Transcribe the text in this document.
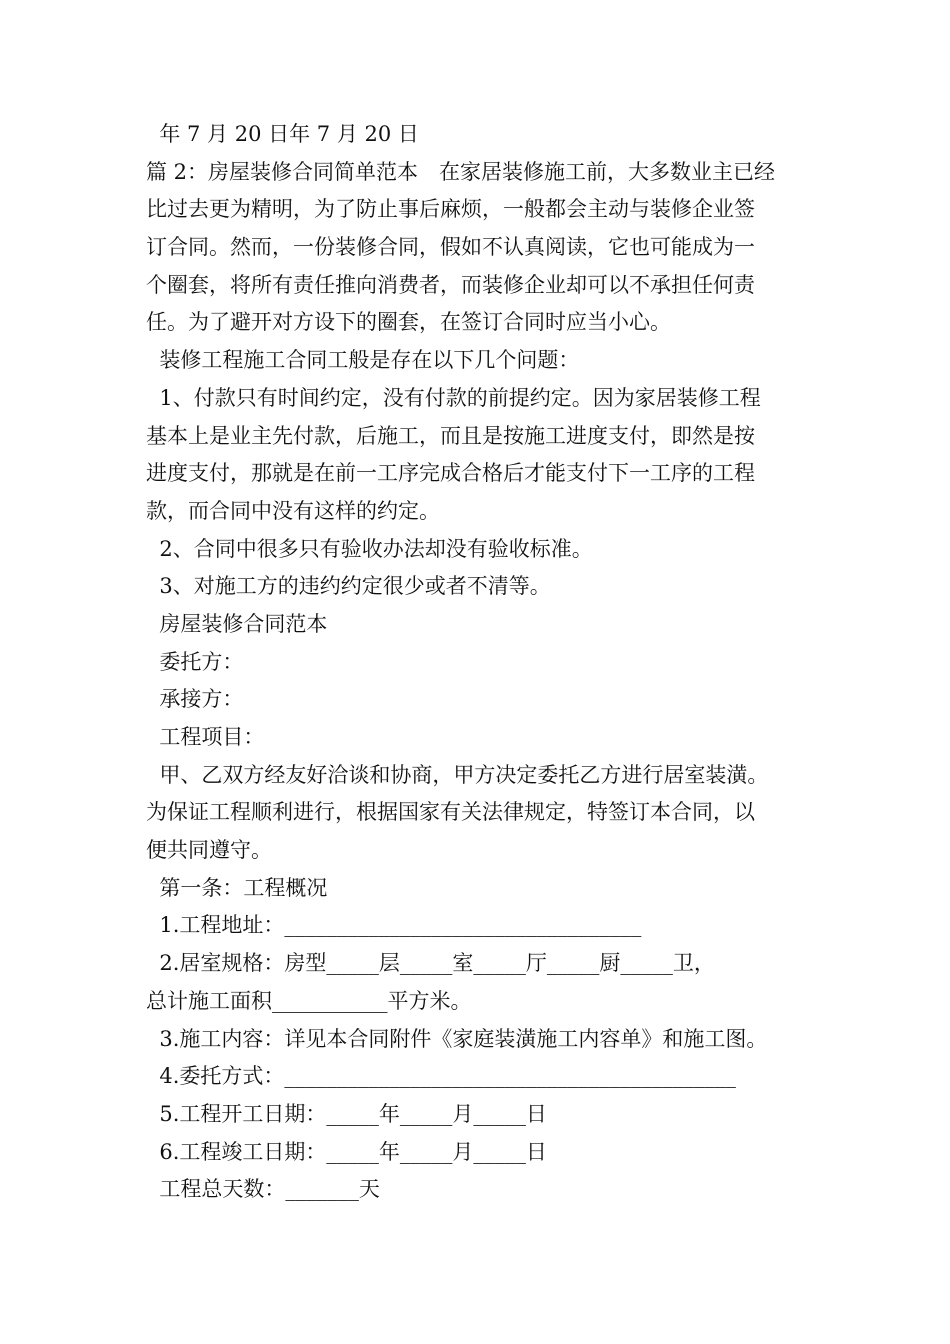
年 7 月 20 日年 7 月 20 日
篇 2：房屋装修合同简单范本　在家居装修施工前，大多数业主已经
比过去更为精明，为了防止事后麻烦，一般都会主动与装修企业签
订合同。然而，一份装修合同，假如不认真阅读，它也可能成为一
个圈套，将所有责任推向消费者，而装修企业却可以不承担任何责
任。为了避开对方设下的圈套，在签订合同时应当小心。
装修工程施工合同工般是存在以下几个问题：
1、付款只有时间约定，没有付款的前提约定。因为家居装修工程
基本上是业主先付款，后施工，而且是按施工进度支付，即然是按
进度支付，那就是在前一工序完成合格后才能支付下一工序的工程
款，而合同中没有这样的约定。
2、合同中很多只有验收办法却没有验收标准。
3、对施工方的违约约定很少或者不清等。
房屋装修合同范本
委托方：
承接方：
工程项目：
甲、乙双方经友好洽谈和协商，甲方决定委托乙方进行居室装潢。
为保证工程顺利进行，根据国家有关法律规定，特签订本合同，以
便共同遵守。
第一条：工程概况
1.工程地址：__________________________________
2.居室规格：房型_____层_____室_____厅_____厨_____卫，
总计施工面积___________平方米。
3.施工内容：详见本合同附件《家庭装潢施工内容单》和施工图。
4.委托方式：___________________________________________
5.工程开工日期：_____年_____月_____日
6.工程竣工日期：_____年_____月_____日
工程总天数：_______天
